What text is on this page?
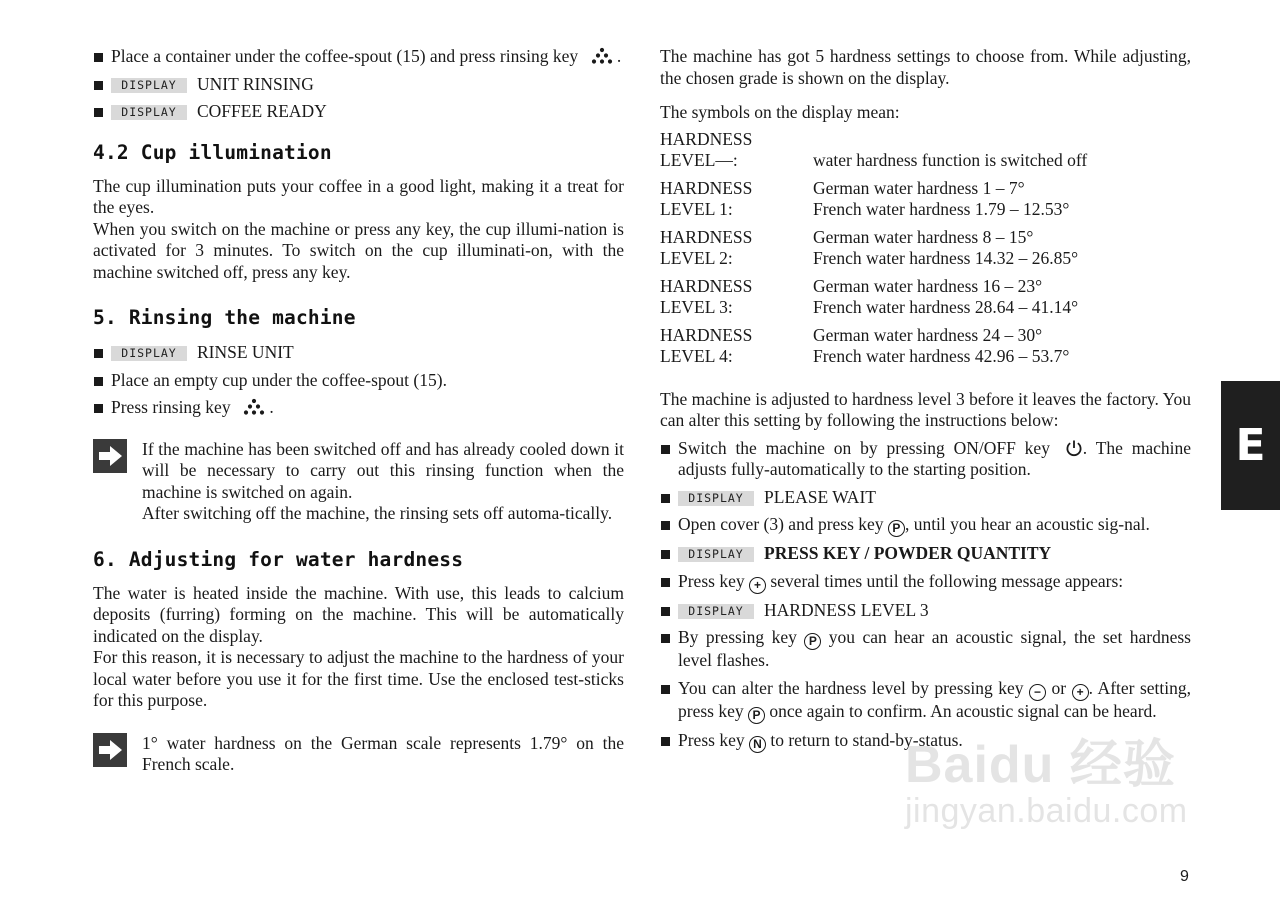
Place a container under the coffee-spout (15) and press rinsing key  .
DISPLAY UNIT RINSING
DISPLAY COFFEE READY
4.2 Cup illumination

The cup illumination puts your coffee in a good light, making it a treat for the eyes.

When you switch on the machine or press any key, the cup illumi-nation is activated for 3 minutes. To switch on the cup illuminati-on, with the machine switched off, press any key.

5. Rinsing the machine
DISPLAY RINSE UNIT
Place an empty cup under the coffee-spout (15).
Press rinsing key  .

If the machine has been switched off and has already cooled down it will be necessary to carry out this rinsing function when the machine is switched on again.

After switching off the machine, the rinsing sets off automa-tically.

6. Adjusting for water hardness

The water is heated inside the machine. With use, this leads to calcium deposits (furring) forming on the machine. This will be automatically indicated on the display.

For this reason, it is necessary to adjust the machine to the hardness of your local water before you use it for the first time. Use the enclosed test-sticks for this purpose.

1° water hardness on the German scale represents 1.79° on the French scale.

The machine has got 5 hardness settings to choose from. While adjusting, the chosen grade is shown on the display.

The symbols on the display mean:

HARDNESS
LEVEL—:	water hardness function is switched off
HARDNESS
LEVEL 1:
German water hardness 1 – 7°
French water hardness 1.79 – 12.53°
HARDNESS
LEVEL 2:
German water hardness 8 – 15°
French water hardness 14.32 – 26.85°
HARDNESS
LEVEL 3:
German water hardness 16 – 23°
French water hardness 28.64 – 41.14°
HARDNESS
LEVEL 4:
German water hardness 24 – 30°
French water hardness 42.96 – 53.7°

The machine is adjusted to hardness level 3 before it leaves the factory. You can alter this setting by following the instructions below:

Switch the machine on by pressing ON/OFF key . The machine adjusts fully-automatically to the starting position.
DISPLAY PLEASE WAIT
Open cover (3) and press key P , until you hear an acoustic sig-nal.
DISPLAY PRESS KEY / POWDER QUANTITY
Press key + several times until the following message appears:
DISPLAY HARDNESS LEVEL 3
By pressing key P you can hear an acoustic signal, the set hardness level flashes.
You can alter the hardness level by pressing key − or + . After setting, press key P once again to confirm. An acoustic signal can be heard.
Press key N to return to stand-by-status.
E
9
Baidu 经验
jingyan.baidu.com
